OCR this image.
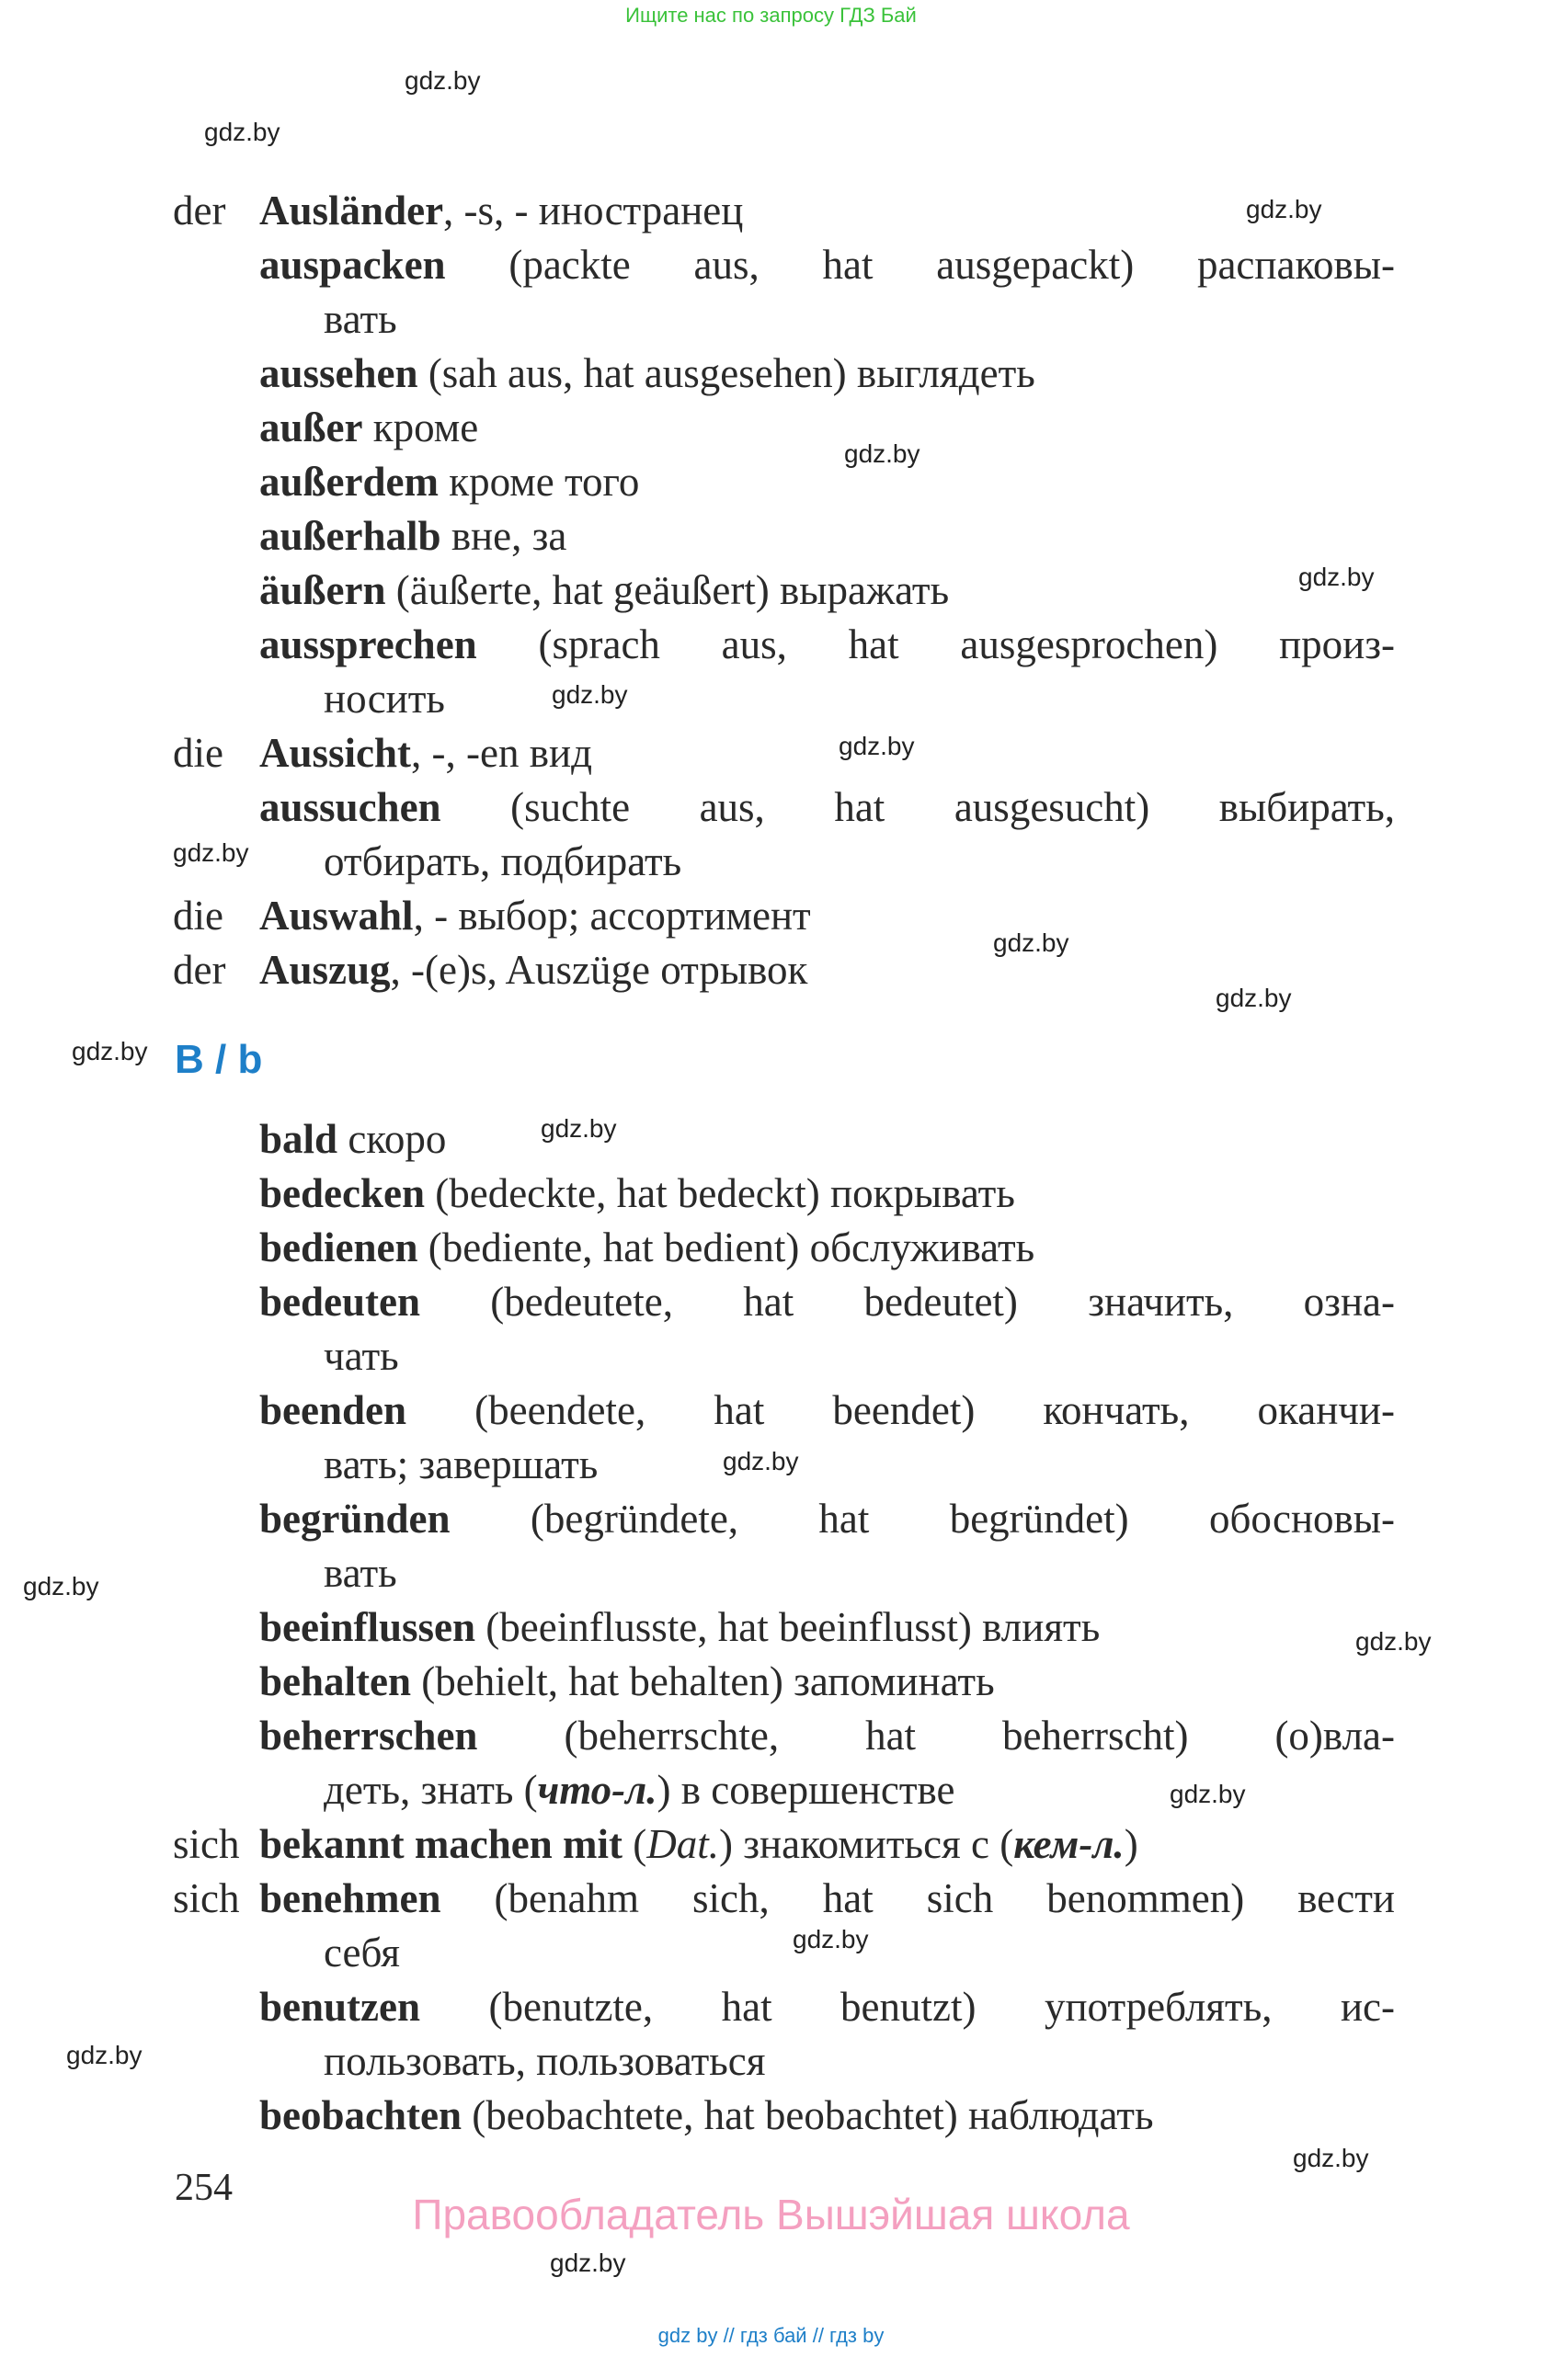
Ищите нас по запросу ГДЗ Бай
gdz.by
gdz.by
gdz.by
gdz.by
gdz.by
gdz.by
gdz.by
gdz.by
gdz.by
gdz.by
gdz.by
gdz.by
gdz.by
gdz.by
gdz.by
gdz.by
gdz.by
gdz.by
gdz.by
gdz.by
der Ausländer, -s, - иностранец
auspacken (packte aus, hat ausgepackt) распаковы-
вать
aussehen (sah aus, hat ausgesehen) выглядеть
außer кроме
außerdem кроме того
außerhalb вне, за
äußern (äußerte, hat geäußert) выражать
aussprechen (sprach aus, hat ausgesprochen) произ-
носить
die Aussicht, -, -en вид
aussuchen (suchte aus, hat ausgesucht) выбирать,
отбирать, подбирать
die Auswahl, - выбор; ассортимент
der Auszug, -(e)s, Auszüge отрывок
B / b
bald скоро
bedecken (bedeckte, hat bedeckt) покрывать
bedienen (bediente, hat bedient) обслуживать
bedeuten (bedeutete, hat bedeutet) значить, озна-
чать
beenden (beendete, hat beendet) кончать, оканчи-
вать; завершать
begründen (begründete, hat begründet) обосновы-
вать
beeinflussen (beeinflusste, hat beeinflusst) влиять
behalten (behielt, hat behalten) запоминать
beherrschen (beherrschte, hat beherrscht) (о)вла-
деть, знать (что-л.) в совершенстве
sich bekannt machen mit (Dat.) знакомиться с (кем-л.)
sich benehmen (benahm sich, hat sich benommen) вести
себя
benutzen (benutzte, hat benutzt) употреблять, ис-
пользовать, пользоваться
beobachten (beobachtete, hat beobachtet) наблюдать
254
Правообладатель Вышэйшая школа
gdz by // гдз бай // гдз by
